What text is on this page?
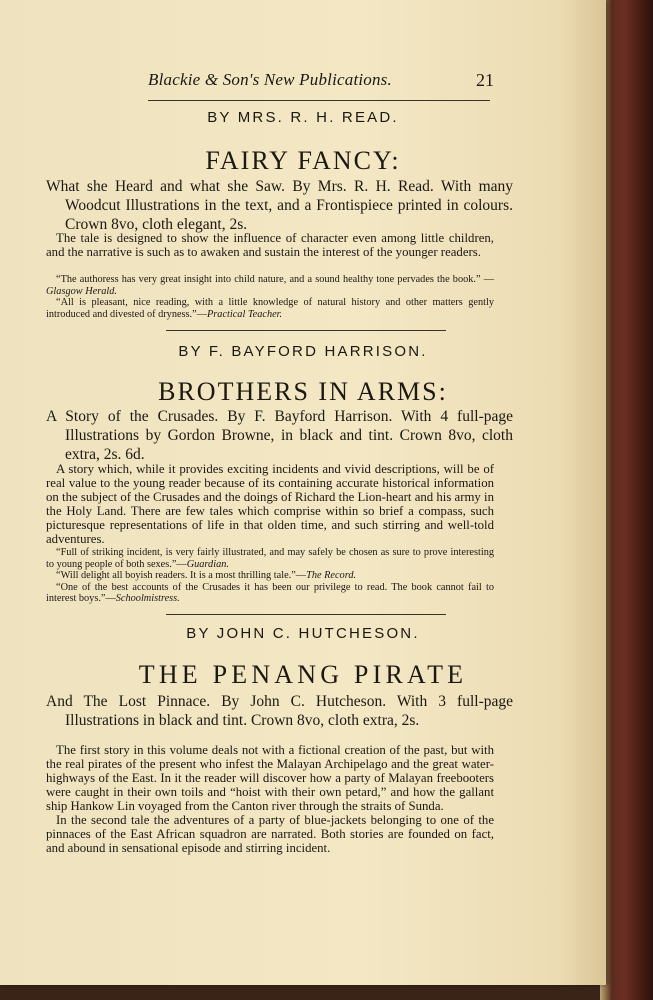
Blackie & Son's New Publications.	21
BY MRS. R. H. READ.
FAIRY FANCY:
What she Heard and what she Saw. By Mrs. R. H. Read. With many Woodcut Illustrations in the text, and a Frontispiece printed in colours. Crown 8vo, cloth elegant, 2s.

The tale is designed to show the influence of character even among little children, and the narrative is such as to awaken and sustain the interest of the younger readers.

“The authoress has very great insight into child nature, and a sound healthy tone pervades the book.” —Glasgow Herald.

“All is pleasant, nice reading, with a little knowledge of natural history and other matters gently introduced and divested of dryness.”—Practical Teacher.

BY F. BAYFORD HARRISON.
BROTHERS IN ARMS:
A Story of the Crusades. By F. Bayford Harrison. With 4 full-page Illustrations by Gordon Browne, in black and tint. Crown 8vo, cloth extra, 2s. 6d.

A story which, while it provides exciting incidents and vivid descriptions, will be of real value to the young reader because of its containing accurate historical information on the subject of the Crusades and the doings of Richard the Lion-heart and his army in the Holy Land. There are few tales which comprise within so brief a compass, such picturesque representations of life in that olden time, and such stirring and well-told adventures.

“Full of striking incident, is very fairly illustrated, and may safely be chosen as sure to prove interesting to young people of both sexes.”—Guardian.

“Will delight all boyish readers. It is a most thrilling tale.”—The Record.

“One of the best accounts of the Crusades it has been our privilege to read. The book cannot fail to interest boys.”—Schoolmistress.

BY JOHN C. HUTCHESON.
THE PENANG PIRATE
And The Lost Pinnace. By John C. Hutcheson. With 3 full-page Illustrations in black and tint. Crown 8vo, cloth extra, 2s.

The first story in this volume deals not with a fictional creation of the past, but with the real pirates of the present who infest the Malayan Archipelago and the great water-highways of the East. In it the reader will discover how a party of Malayan freebooters were caught in their own toils and “hoist with their own petard,” and how the gallant ship Hankow Lin voyaged from the Canton river through the straits of Sunda.

In the second tale the adventures of a party of blue-jackets belonging to one of the pinnaces of the East African squadron are narrated. Both stories are founded on fact, and abound in sensational episode and stirring incident.
